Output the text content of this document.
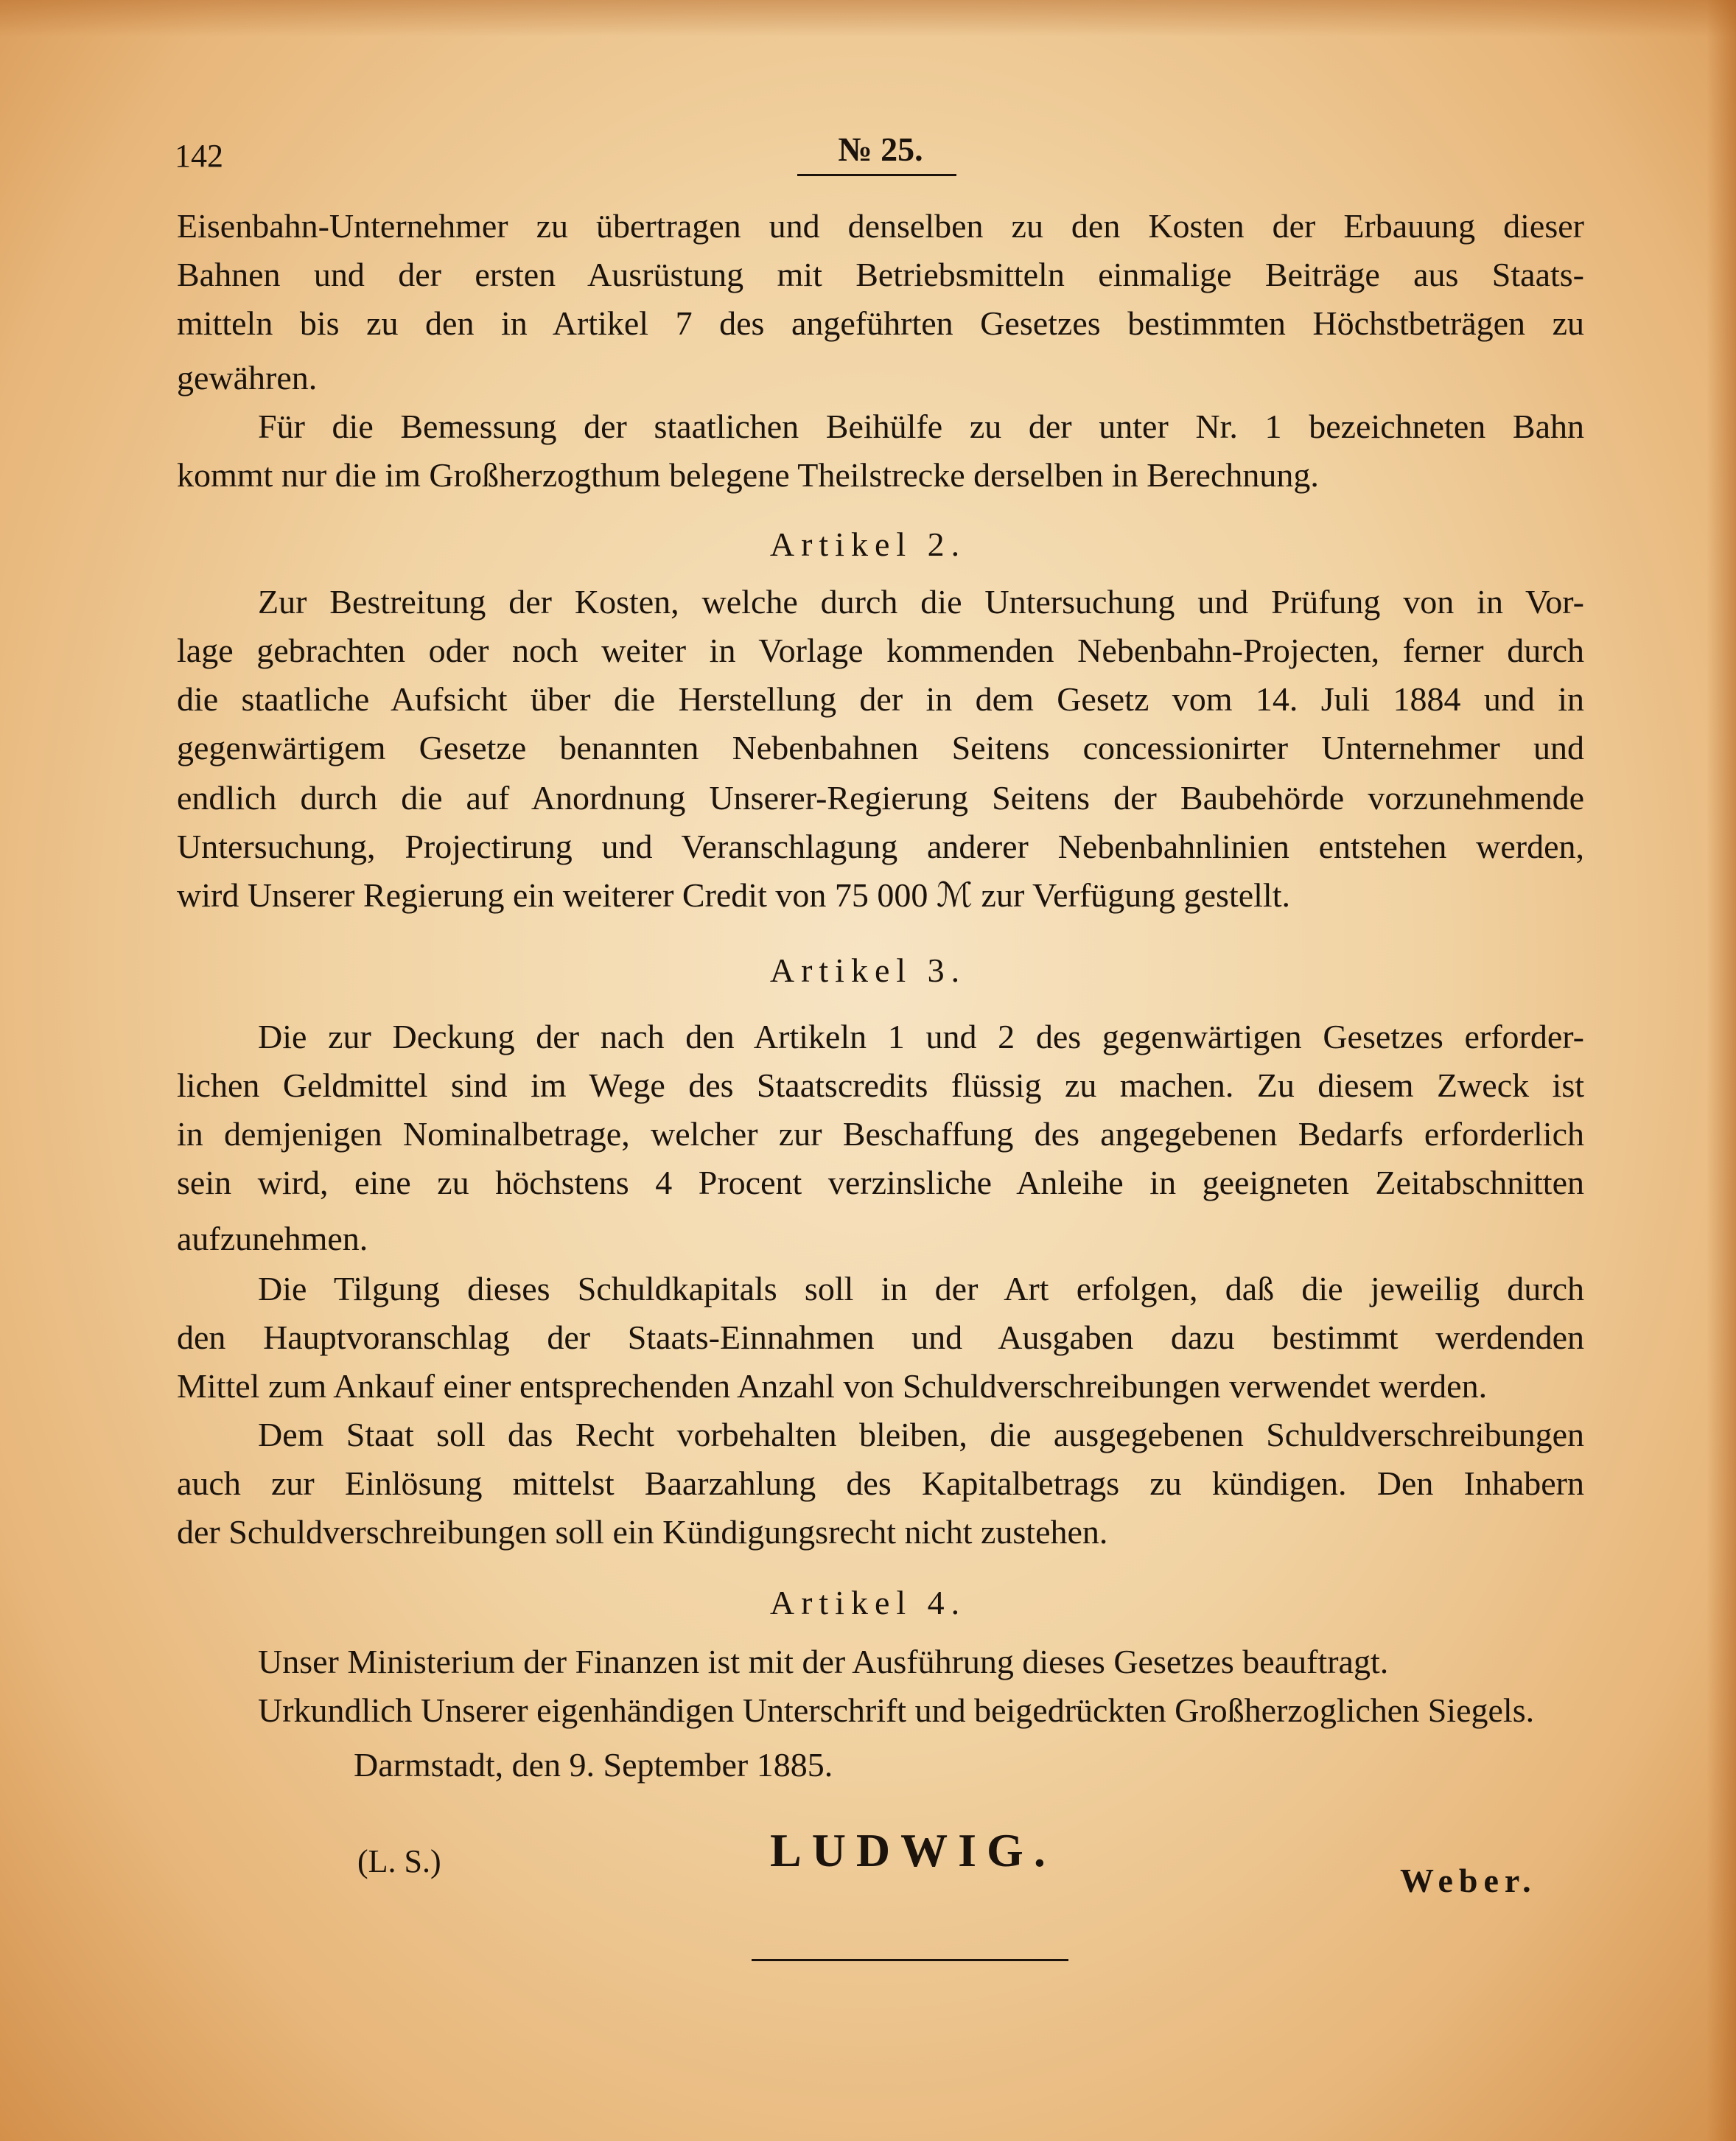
142	№ 25.
Eisenbahn-Unternehmer zu übertragen und denselben zu den Kosten der Erbauung dieser
Bahnen und der ersten Ausrüstung mit Betriebsmitteln einmalige Beiträge aus Staats-
mitteln bis zu den in Artikel 7 des angeführten Gesetzes bestimmten Höchstbeträgen zu
gewähren.
Für die Bemessung der staatlichen Beihülfe zu der unter Nr. 1 bezeichneten Bahn
kommt nur die im Großherzogthum belegene Theilstrecke derselben in Berechnung.
Artikel 2.
Zur Bestreitung der Kosten, welche durch die Untersuchung und Prüfung von in Vor-
lage gebrachten oder noch weiter in Vorlage kommenden Nebenbahn-Projecten, ferner durch
die staatliche Aufsicht über die Herstellung der in dem Gesetz vom 14. Juli 1884 und in
gegenwärtigem Gesetze benannten Nebenbahnen Seitens concessionirter Unternehmer und
endlich durch die auf Anordnung Unserer-Regierung Seitens der Baubehörde vorzunehmende
Untersuchung, Projectirung und Veranschlagung anderer Nebenbahnlinien entstehen werden,
wird Unserer Regierung ein weiterer Credit von 75 000 ℳ zur Verfügung gestellt.
Artikel 3.
Die zur Deckung der nach den Artikeln 1 und 2 des gegenwärtigen Gesetzes erforder-
lichen Geldmittel sind im Wege des Staatscredits flüssig zu machen. Zu diesem Zweck ist
in demjenigen Nominalbetrage, welcher zur Beschaffung des angegebenen Bedarfs erforderlich
sein wird, eine zu höchstens 4 Procent verzinsliche Anleihe in geeigneten Zeitabschnitten
aufzunehmen.
Die Tilgung dieses Schuldkapitals soll in der Art erfolgen, daß die jeweilig durch
den Hauptvoranschlag der Staats-Einnahmen und Ausgaben dazu bestimmt werdenden
Mittel zum Ankauf einer entsprechenden Anzahl von Schuldverschreibungen verwendet werden.
Dem Staat soll das Recht vorbehalten bleiben, die ausgegebenen Schuldverschreibungen
auch zur Einlösung mittelst Baarzahlung des Kapitalbetrags zu kündigen. Den Inhabern
der Schuldverschreibungen soll ein Kündigungsrecht nicht zustehen.
Artikel 4.
Unser Ministerium der Finanzen ist mit der Ausführung dieses Gesetzes beauftragt.
Urkundlich Unserer eigenhändigen Unterschrift und beigedrückten Großherzoglichen Siegels.
Darmstadt, den 9. September 1885.
(L. S.)	LUDWIG.
Weber.
